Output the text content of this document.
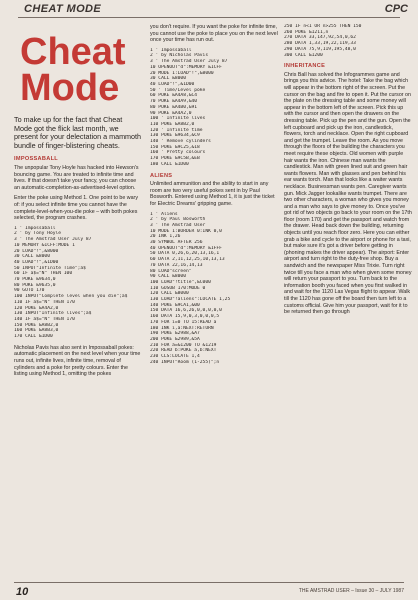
CHEAT MODE	CPC
Cheat Mode
To make up for the fact that Cheat Mode got the flick last month, we present for your delectation a mammoth bundle of finger-blistering cheats.
IMPOSSABALL
The unpopular Tony Hoyle has hacked into Hewson's bouncing game. You are treated to infinite time and lives. If that doesn't take your fancy, you can choose an automatic-completion-as-advertised-level option.
Enter the poke using Method 1. One point to be wary of: if you select infinite time you cannot have the complete-level-when-you-die poke – with both pokes selected, the program crashes.
1 ' Impossaball
2 ' by Tony Hoyle
3 ' The Amstrad User July 87
10 MEMORY &1CFF:MODE 1
20 LOAD"!",&8000
30 CALL &8000
40 LOAD"!",&1D00
50 INPUT"Infinite Time";a$
60 IF a$="N" THEN 100
70 POKE &9634,0
80 POKE &9635,0
90 GOTO 170
100 INPUT"Complete level when you die";a$
110 IF a$="N" THEN 170
120 POKE &A4A2,0
130 INPUT"Infinite lives";a$
140 IF a$="N" THEN 170
150 POKE &A8B2,0
160 POKE &A8B3,0
170 CALL &1D00
Nicholas Pavis has also sent in Impossaball pokes: automatic placement on the next level when your time runs out, infinite lives, infinite time, removal of cylinders and a poke for pretty colours. Enter the listing using Method 1, omitting the pokes
you don't require. If you want the poke for infinite time, you cannot use the poke to place you on the next level once your time has run out.
1 ' Impossaball
2 ' by Nicholas Pavis
3 ' The Amstrad User July 87
10 OPENOUT"d":MEMORY &1CFF
20 MODE 1:LOAD"!",&8000
30 CALL &8000
40 LOAD"!",&1D00
50 ' Time/Level poke
60 POKE &A4A8,&C4
70 POKE &A4A9,&40
80 POKE &A4B0,&91
90 POKE &A4A2,0
100 ' Infinite lives
110 POKE &A8B2,0
120 ' Infinite time
130 POKE &9634,&C9
140 ' Remove cylinders
150 POKE &9C25,&18
160 ' Pretty colours
170 POKE &9C5B,&EB
180 CALL &1D00
ALIENS
Unlimited ammunition and the ability to start in any room are two very useful pokes sent in by Paul Bosworth. Entered using Method 1, it is just the ticket for Electric Dreams' gripping game.
1 ' Aliens
2 ' by Paul Bosworth
3 ' The Amstrad User
10 MODE 1:BORDER 0:INK 0,0
20 INK 1,26
30 SYMBOL AFTER 256
40 OPENOUT"d":MEMORY &1FFF
50 DATA 0,26,6,20,13,16,1
60 DATA 2,11,12,25,10,13,13
70 DATA 22,16,14,13
80 LOAD"screen"
90 CALL &8000
100 LOAD"!title",&C000
110 GOSUB 170:MODE 0
120 CALL &8000
130 LOAD"!aliens":LOCATE 1,25
140 POKE &9CA1,&00
150 DATA 16,6,26,0,0,0,0,0
160 DATA 15,9,0,3,0,0,0,5
170 FOR i=0 TO 15:READ a
180 INK i,a:NEXT:RETURN
190 POKE &2988,&A7
200 POKE &2989,&5A
210 FOR a=&1200 TO &1219
220 READ b:POKE a,b:NEXT
230 CLS:LOCATE 1,4
240 INPUT"Room (1-255)";n
250 IF n<1 OR n>255 THEN 150
260 POKE &1211,n
270 DATA 33,147,92,54,0,62
280 DATA 1,33,19,22,119,33
290 DATA 75,9,119,195,48,0
300 CALL &1200
INHERITANCE
Chris Ball has solved the Infogrammes game and brings you this advice. The hotel: Take the bag which will appear in the bottom right of the screen. Put the cursor on the bag and fire to open it. Put the cursor on the plate on the dressing table and some money will appear in the bottom left of the screen. Pick this up with the cursor and then open the drawers on the dressing table. Pick up the pen and the gun. Open the left cupboard and pick up the iron, candlestick, flowers, torch and necklace. Open the right cupboard and get the trumpet. Leave the room. As you move through the floors of the building the characters you meet require these objects. Old women with purple hair wants the iron. Chinese man wants the candlestick. Man with green lined suit and green hair wants flowers. Man with glasses and pen behind his ear wants torch. Man that looks like a waiter wants necklace. Businessman wants pen. Caregiver wants gun. Mick Jagger lookalike wants trumpet. There are two other characters, a woman who gives you money and a man who says to give money to. Once you've got rid of two objects go back to your room on the 17th floor (room 170) and get the passport and watch from the drawer. Head back down the building, returning objects until you reach floor zero. Here you can either grab a bike and cycle to the airport or phone for a taxi, but make sure it's got a driver before getting in (phoning makes the driver appear). The airport: Enter airport and turn right to the duty-free shop. Buy a sandwich and the newspaper Miss Trixie. Turn right twice till you face a man who when given some money will return your passport to you. Turn back to the information booth you faced when you first walked in and wait for the 1120 Las Vegas flight to appear. Walk till the 1120 has gone off the board then turn left to a customs official. Give him your passport, wait for it to be returned then go through
10	THE AMSTRAD USER – Issue 30 – JULY 1987
